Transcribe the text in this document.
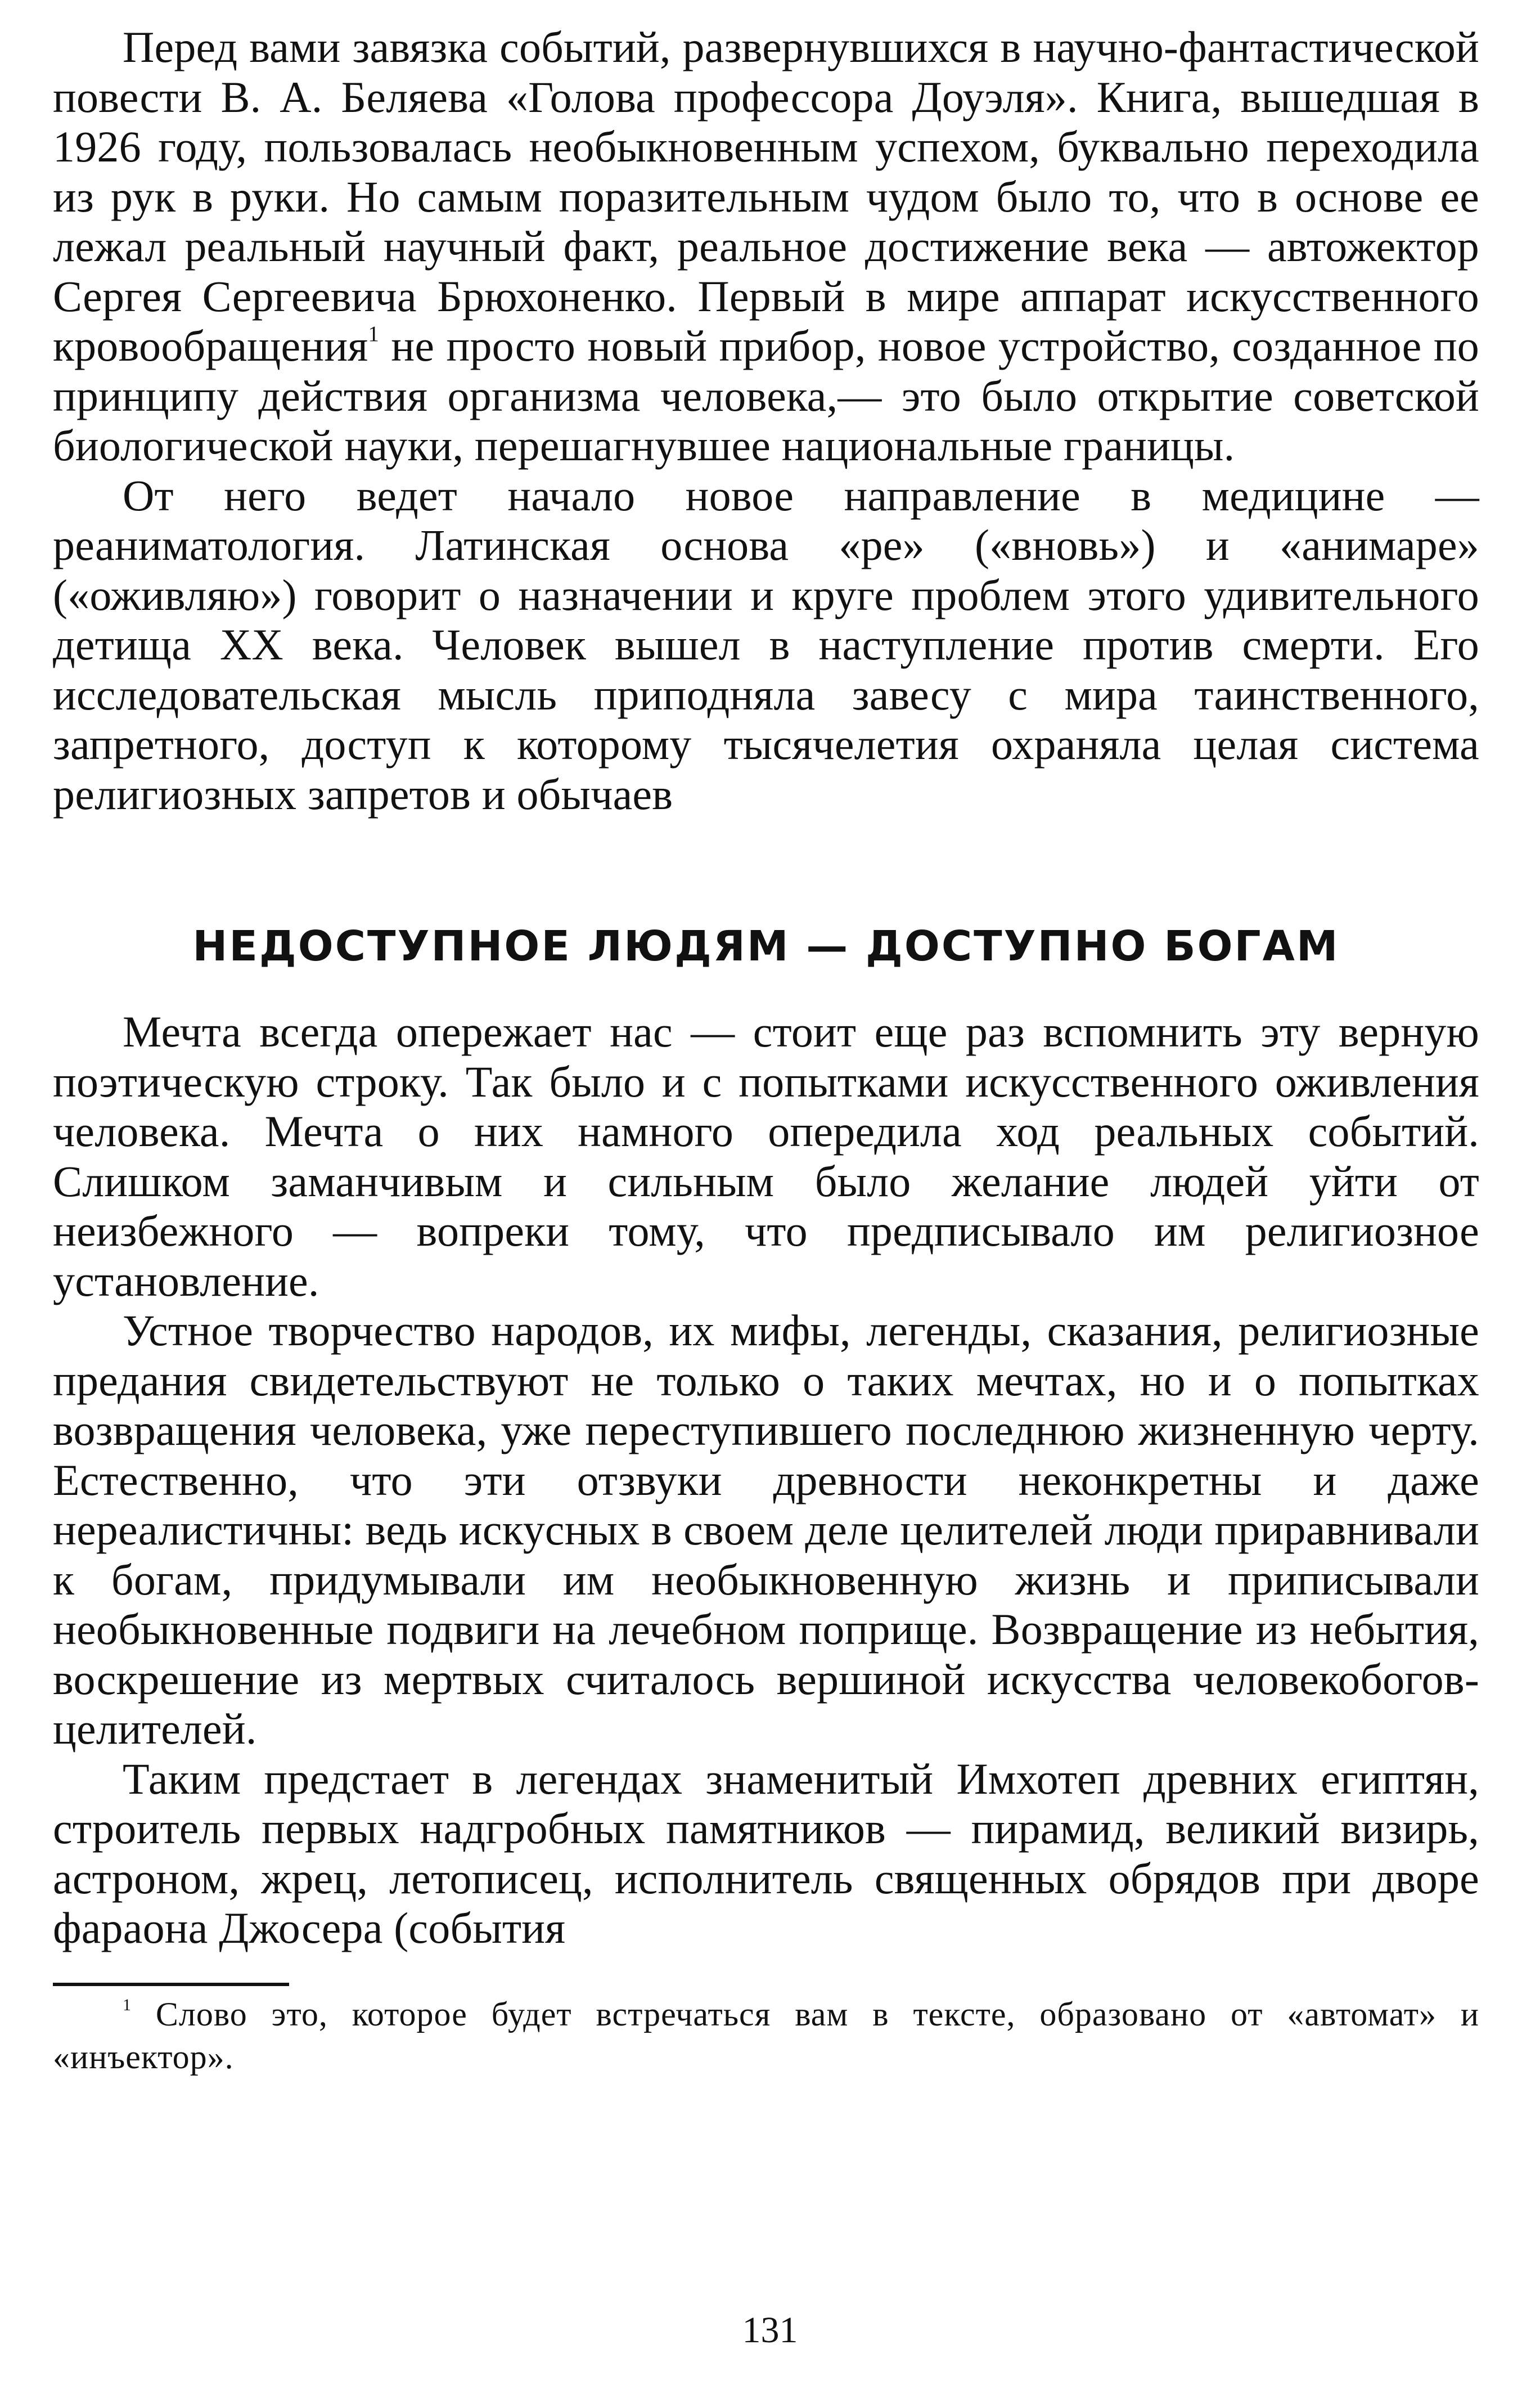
Перед вами завязка событий, развернувшихся в научно-фантастической повести В. А. Беляева «Голова профессора Доуэля». Книга, вышедшая в 1926 году, пользовалась необыкновенным успехом, буквально переходила из рук в руки. Но самым поразительным чудом было то, что в основе ее лежал реальный научный факт, реальное достижение века — автожектор Сергея Сергеевича Брюхоненко. Первый в мире аппарат искусственного кровообращения$^1$ не просто новый прибор, новое устройство, созданное по принципу действия организма человека,— это было открытие советской биологической науки, перешагнувшее национальные границы.

От него ведет начало новое направление в медицине — реаниматология. Латинская основа «ре» («вновь») и «анимаре» («оживляю») говорит о назначении и круге проблем этого удивительного детища XX века. Человек вышел в наступление против смерти. Его исследовательская мысль приподняла завесу с мира таинственного, запретного, доступ к которому тысячелетия охраняла целая система религиозных запретов и обычаев

НЕДОСТУПНОЕ ЛЮДЯМ — ДОСТУПНО БОГАМ

Мечта всегда опережает нас — стоит еще раз вспомнить эту верную поэтическую строку. Так было и с попытками искусственного оживления человека. Мечта о них намного опередила ход реальных событий. Слишком заманчивым и сильным было желание людей уйти от неизбежного — вопреки тому, что предписывало им религиозное установление.

Устное творчество народов, их мифы, легенды, сказания, религиозные предания свидетельствуют не только о таких мечтах, но и о попытках возвращения человека, уже переступившего последнюю жизненную черту. Естественно, что эти отзвуки древности неконкретны и даже нереалистичны: ведь искусных в своем деле целителей люди приравнивали к богам, придумывали им необыкновенную жизнь и приписывали необыкновенные подвиги на лечебном поприще. Возвращение из небытия, воскрешение из мертвых считалось вершиной искусства человекобогов-целителей.

Таким предстает в легендах знаменитый Имхотеп древних египтян, строитель первых надгробных памятников — пирамид, великий визирь, астроном, жрец, летописец, исполнитель священных обрядов при дворе фараона Джосера (события

$^1$ Слово это, которое будет встречаться вам в тексте, образовано от «автомат» и «инъектор».

131
